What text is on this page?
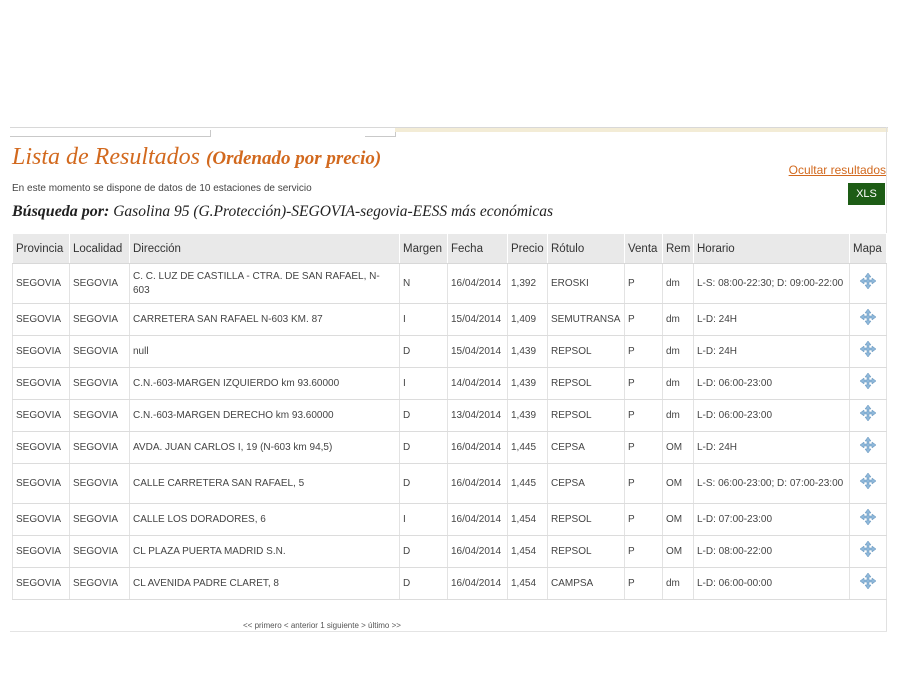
Lista de Resultados (Ordenado por precio)
Ocultar resultados
En este momento se dispone de datos de 10 estaciones de servicio	XLS
Búsqueda por: Gasolina 95 (G.Protección)-SEGOVIA-segovia-EESS más económicas
Provincia	Localidad	Dirección	Margen	Fecha	Precio	Rótulo	Venta	Rem	Horario	Mapa
SEGOVIA	SEGOVIA	C. C. LUZ DE CASTILLA - CTRA. DE SAN RAFAEL, N-603	N	16/04/2014	1,392	EROSKI	P	dm	L-S: 08:00-22:30; D: 09:00-22:00	
SEGOVIA	SEGOVIA	CARRETERA SAN RAFAEL N-603 KM. 87	I	15/04/2014	1,409	SEMUTRANSA	P	dm	L-D: 24H	
SEGOVIA	SEGOVIA	null	D	15/04/2014	1,439	REPSOL	P	dm	L-D: 24H	
SEGOVIA	SEGOVIA	C.N.-603-MARGEN IZQUIERDO km 93.60000	I	14/04/2014	1,439	REPSOL	P	dm	L-D: 06:00-23:00	
SEGOVIA	SEGOVIA	C.N.-603-MARGEN DERECHO km 93.60000	D	13/04/2014	1,439	REPSOL	P	dm	L-D: 06:00-23:00	
SEGOVIA	SEGOVIA	AVDA. JUAN CARLOS I, 19 (N-603 km 94,5)	D	16/04/2014	1,445	CEPSA	P	OM	L-D: 24H	
SEGOVIA	SEGOVIA	CALLE CARRETERA SAN RAFAEL, 5	D	16/04/2014	1,445	CEPSA	P	OM	L-S: 06:00-23:00; D: 07:00-23:00	
SEGOVIA	SEGOVIA	CALLE LOS DORADORES, 6	I	16/04/2014	1,454	REPSOL	P	OM	L-D: 07:00-23:00	
SEGOVIA	SEGOVIA	CL PLAZA PUERTA MADRID S.N.	D	16/04/2014	1,454	REPSOL	P	OM	L-D: 08:00-22:00	
SEGOVIA	SEGOVIA	CL AVENIDA PADRE CLARET, 8	D	16/04/2014	1,454	CAMPSA	P	dm	L-D: 06:00-00:00	
<< primero < anterior 1 siguiente > último >>
